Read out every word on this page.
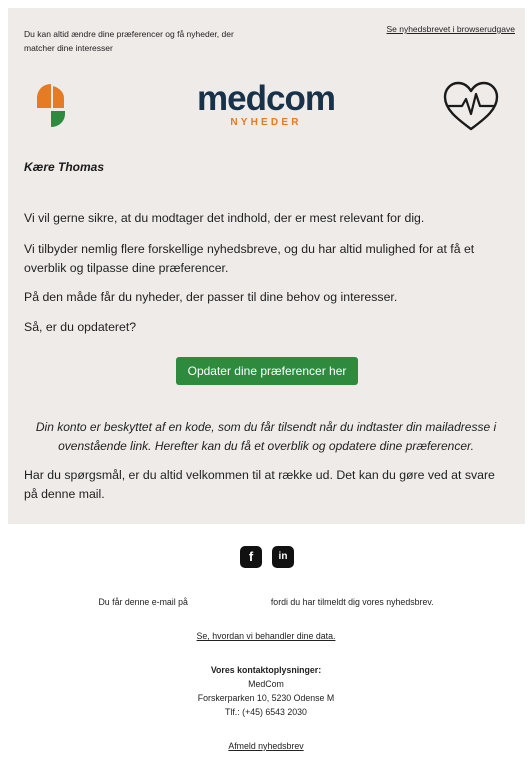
Du kan altid ændre dine præferencer og få nyheder, der matcher dine interesser
Se nyhedsbrevet i browserudgave
medcom
NYHEDER
Kære Thomas
Vi vil gerne sikre, at du modtager det indhold, der er mest relevant for dig.
Vi tilbyder nemlig flere forskellige nyhedsbreve, og du har altid mulighed for at få et overblik og tilpasse dine præferencer.
På den måde får du nyheder, der passer til dine behov og interesser.
Så, er du opdateret?
Opdater dine præferencer her
Din konto er beskyttet af en kode, som du får tilsendt når du indtaster din mailadresse i ovenstående link. Herefter kan du få et overblik og opdatere dine præferencer.
Har du spørgsmål, er du altid velkommen til at række ud. Det kan du gøre ved at svare på denne mail.
f	in
Du får denne e-mail på	fordi du har tilmeldt dig vores nyhedsbrev.
Se, hvordan vi behandler dine data.
Vores kontaktoplysninger:
MedCom
Forskerparken 10, 5230 Odense M
Tlf.: (+45) 6543 2030
Afmeld nyhedsbrev
